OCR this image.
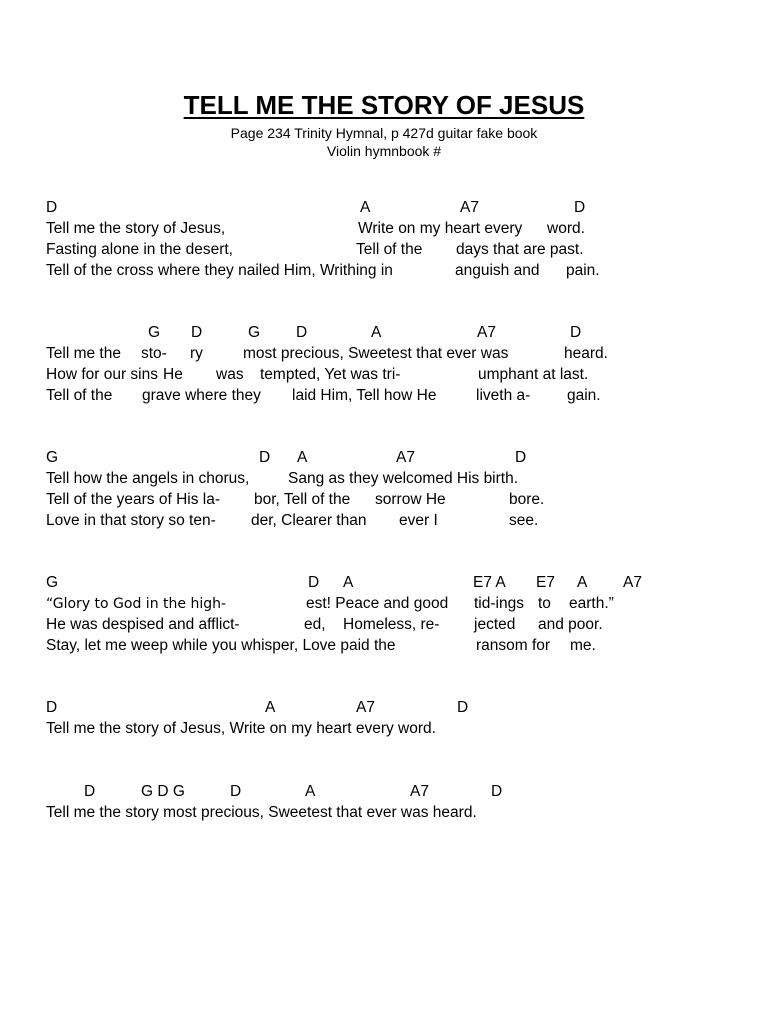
TELL ME THE STORY OF JESUS
Page 234 Trinity Hymnal, p 427d guitar fake book
Violin hymnbook #
D	A	A7	D
Tell me the story of Jesus,	Write on my heart every word.
Fasting alone in the desert,	Tell of the days that are past.
Tell of the cross where they nailed Him, Writhing in	anguish and pain.
G D	G D	A	A7	D
Tell me the sto- ry	most precious, Sweetest that ever was	heard.
How for our sins He was tempted, Yet was tri-	umphant at last.
Tell of the grave where they laid Him, Tell how He	liveth a- gain.
G	D A	A7	D
Tell how the angels in chorus, Sang as they welcomed His birth.
Tell of the years of His la- bor, Tell of the sorrow He	bore.
Love in that story so ten- der, Clearer than ever I	see.
G	D A	E7 A E7 A A7
“Glory to God in the high-	est! Peace and good tid-ings to earth.”
He was despised and afflict-	ed, Homeless, re- jected and poor.
Stay, let me weep while you whisper, Love paid the	ransom for me.
D	A	A7	D
Tell me the story of Jesus, Write on my heart every word.
D	G D G	D	A	A7	D
Tell me the story most precious, Sweetest that ever was heard.
